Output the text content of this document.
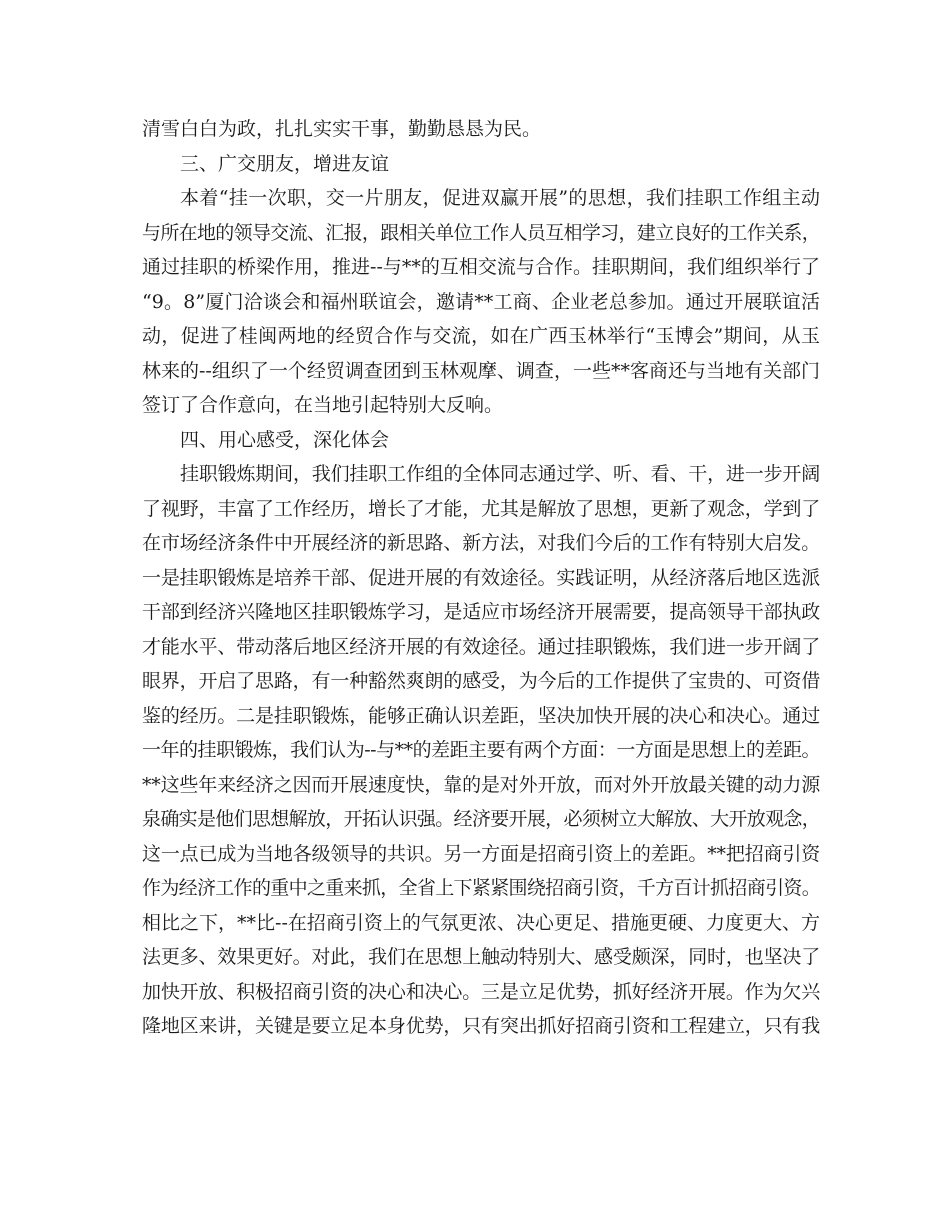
清雪白白为政，扎扎实实干事，勤勤恳恳为民。
三、广交朋友，增进友谊
本着“挂一次职，交一片朋友，促进双赢开展”的思想，我们挂职工作组主动
与所在地的领导交流、汇报，跟相关单位工作人员互相学习，建立良好的工作关系，
通过挂职的桥梁作用，推进--与**的互相交流与合作。挂职期间，我们组织举行了
“9。8”厦门洽谈会和福州联谊会，邀请**工商、企业老总参加。通过开展联谊活
动，促进了桂闽两地的经贸合作与交流，如在广西玉林举行“玉博会”期间，从玉
林来的--组织了一个经贸调查团到玉林观摩、调查，一些**客商还与当地有关部门
签订了合作意向，在当地引起特别大反响。
四、用心感受，深化体会
挂职锻炼期间，我们挂职工作组的全体同志通过学、听、看、干，进一步开阔
了视野，丰富了工作经历，增长了才能，尤其是解放了思想，更新了观念，学到了
在市场经济条件中开展经济的新思路、新方法，对我们今后的工作有特别大启发。
一是挂职锻炼是培养干部、促进开展的有效途径。实践证明，从经济落后地区选派
干部到经济兴隆地区挂职锻炼学习，是适应市场经济开展需要，提高领导干部执政
才能水平、带动落后地区经济开展的有效途径。通过挂职锻炼，我们进一步开阔了
眼界，开启了思路，有一种豁然爽朗的感受，为今后的工作提供了宝贵的、可资借
鉴的经历。二是挂职锻炼，能够正确认识差距，坚决加快开展的决心和决心。通过
一年的挂职锻炼，我们认为--与**的差距主要有两个方面：一方面是思想上的差距。
**这些年来经济之因而开展速度快，靠的是对外开放，而对外开放最关键的动力源
泉确实是他们思想解放，开拓认识强。经济要开展，必须树立大解放、大开放观念，
这一点已成为当地各级领导的共识。另一方面是招商引资上的差距。**把招商引资
作为经济工作的重中之重来抓，全省上下紧紧围绕招商引资，千方百计抓招商引资。
相比之下，**比--在招商引资上的气氛更浓、决心更足、措施更硬、力度更大、方
法更多、效果更好。对此，我们在思想上触动特别大、感受颇深，同时，也坚决了
加快开放、积极招商引资的决心和决心。三是立足优势，抓好经济开展。作为欠兴
隆地区来讲，关键是要立足本身优势，只有突出抓好招商引资和工程建立，只有我
